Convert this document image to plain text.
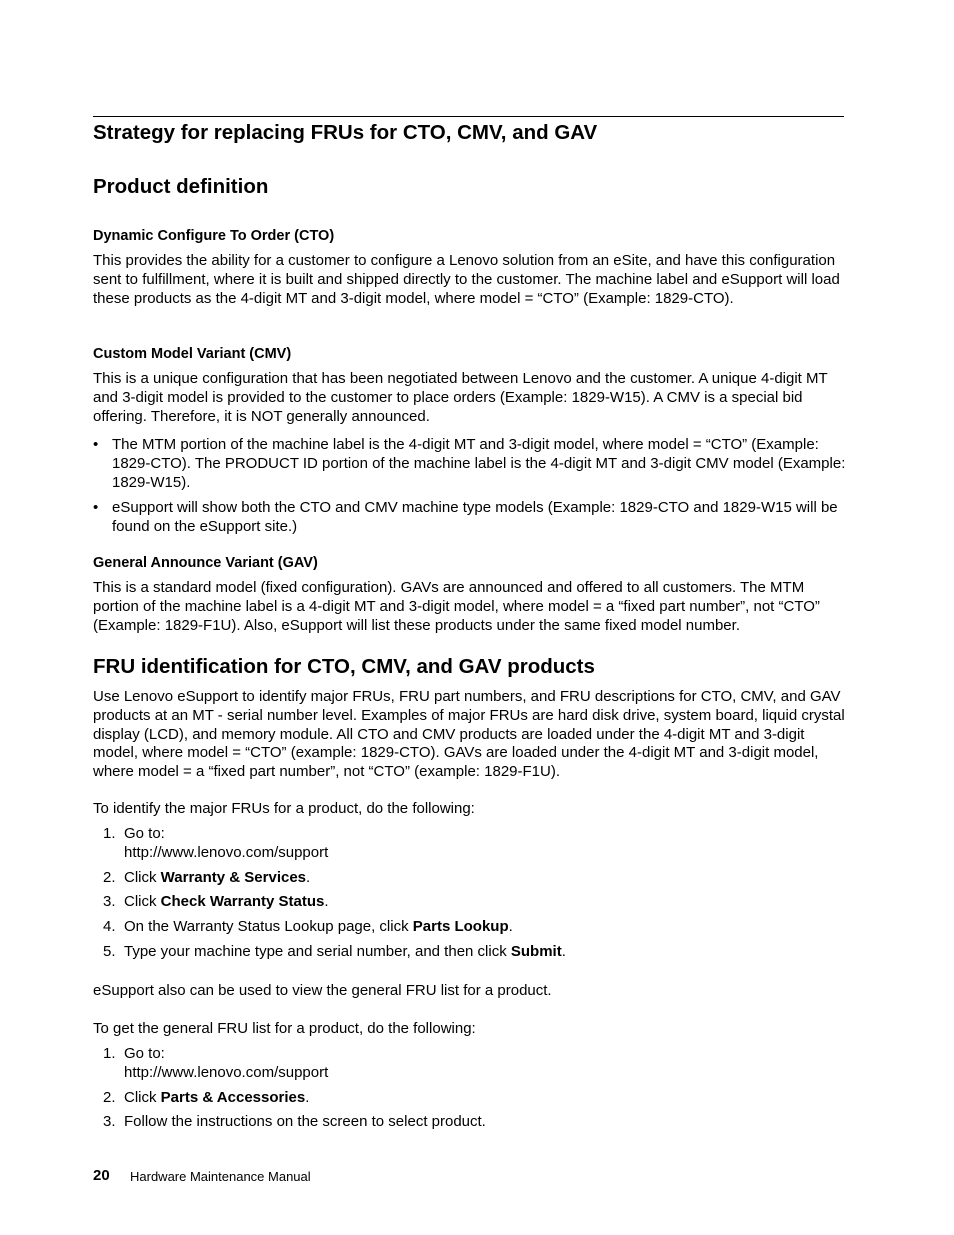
Strategy for replacing FRUs for CTO, CMV, and GAV
Product definition
Dynamic Configure To Order (CTO)

This provides the ability for a customer to configure a Lenovo solution from an eSite, and have this configuration sent to fulfillment, where it is built and shipped directly to the customer. The machine label and eSupport will load these products as the 4-digit MT and 3-digit model, where model = “CTO” (Example: 1829-CTO).

Custom Model Variant (CMV)

This is a unique configuration that has been negotiated between Lenovo and the customer. A unique 4-digit MT and 3-digit model is provided to the customer to place orders (Example: 1829-W15). A CMV is a special bid offering. Therefore, it is NOT generally announced.

• The MTM portion of the machine label is the 4-digit MT and 3-digit model, where model = “CTO” (Example: 1829-CTO). The PRODUCT ID portion of the machine label is the 4-digit MT and 3-digit CMV model (Example: 1829-W15).
• eSupport will show both the CTO and CMV machine type models (Example: 1829-CTO and 1829-W15 will be found on the eSupport site.)
General Announce Variant (GAV)

This is a standard model (fixed configuration). GAVs are announced and offered to all customers. The MTM portion of the machine label is a 4-digit MT and 3-digit model, where model = a “fixed part number”, not “CTO” (Example: 1829-F1U). Also, eSupport will list these products under the same fixed model number.

FRU identification for CTO, CMV, and GAV products

Use Lenovo eSupport to identify major FRUs, FRU part numbers, and FRU descriptions for CTO, CMV, and GAV products at an MT - serial number level. Examples of major FRUs are hard disk drive, system board, liquid crystal display (LCD), and memory module. All CTO and CMV products are loaded under the 4-digit MT and 3-digit model, where model = “CTO” (example: 1829-CTO). GAVs are loaded under the 4-digit MT and 3-digit model, where model = a “fixed part number”, not “CTO” (example: 1829-F1U).

To identify the major FRUs for a product, do the following:

1. Go to:
http://www.lenovo.com/support
2. Click Warranty & Services.
3. Click Check Warranty Status.
4. On the Warranty Status Lookup page, click Parts Lookup.
5. Type your machine type and serial number, and then click Submit.

eSupport also can be used to view the general FRU list for a product.

To get the general FRU list for a product, do the following:

1. Go to:
http://www.lenovo.com/support
2. Click Parts & Accessories.
3. Follow the instructions on the screen to select product.
20 Hardware Maintenance Manual
